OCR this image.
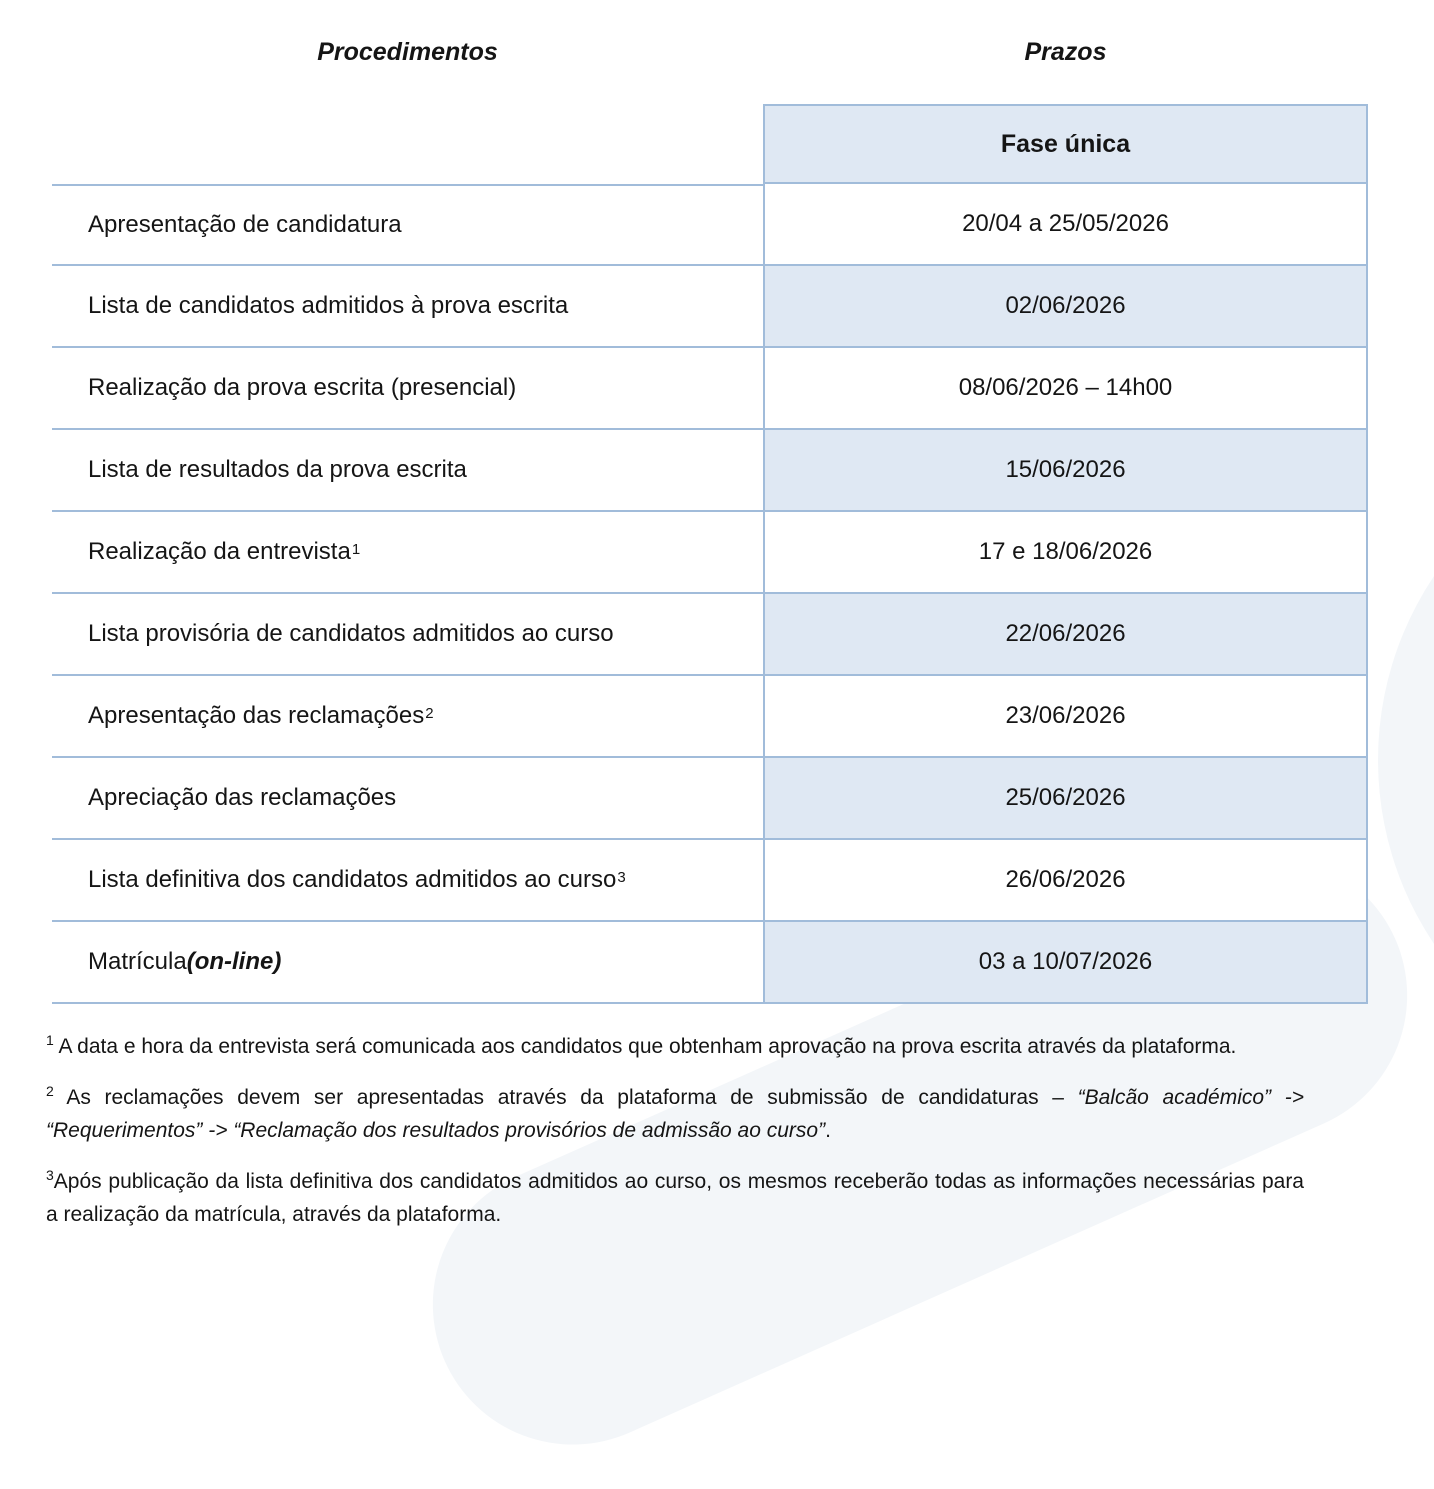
Procedimentos	Prazos
Fase única
Apresentação de candidatura	20/04 a 25/05/2026
Lista de candidatos admitidos à prova escrita	02/06/2026
Realização da prova escrita (presencial)	08/06/2026 – 14h00
Lista de resultados da prova escrita	15/06/2026
Realização da entrevista$^1$	17 e 18/06/2026
Lista provisória de candidatos admitidos ao curso	22/06/2026
Apresentação das reclamações$^2$	23/06/2026
Apreciação das reclamações	25/06/2026
Lista definitiva dos candidatos admitidos ao curso$^3$	26/06/2026
Matrícula (on-line)	03 a 10/07/2026

$^1$ A data e hora da entrevista será comunicada aos candidatos que obtenham aprovação na prova escrita através da plataforma.

$^2$ As reclamações devem ser apresentadas através da plataforma de submissão de candidaturas – “Balcão académico” -> “Requerimentos” -> “Reclamação dos resultados provisórios de admissão ao curso”.

$^3$Após publicação da lista definitiva dos candidatos admitidos ao curso, os mesmos receberão todas as informações necessárias para a realização da matrícula, através da plataforma.
